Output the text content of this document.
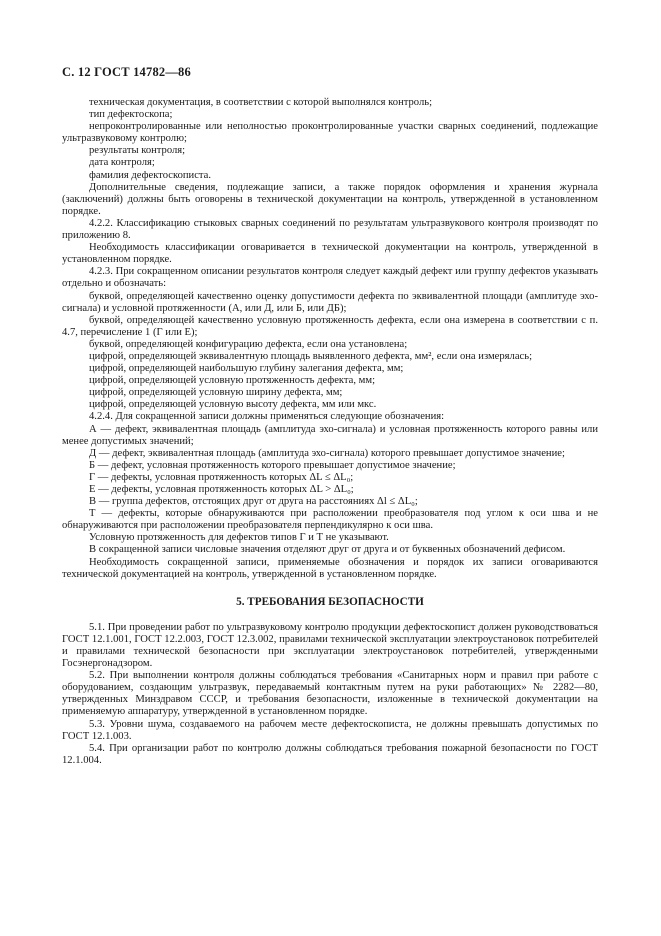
С. 12 ГОСТ 14782—86

техническая документация, в соответствии с которой выполнялся контроль;

тип дефектоскопа;

непроконтролированные или неполностью проконтролированные участки сварных соединений, подлежащие ультразвуковому контролю;

результаты контроля;

дата контроля;

фамилия дефектоскописта.

Дополнительные сведения, подлежащие записи, а также порядок оформления и хранения журнала (заключений) должны быть оговорены в технической документации на контроль, утвержденной в установленном порядке.

4.2.2. Классификацию стыковых сварных соединений по результатам ультразвукового контроля производят по приложению 8.

Необходимость классификации оговаривается в технической документации на контроль, утвержденной в установленном порядке.

4.2.3. При сокращенном описании результатов контроля следует каждый дефект или группу дефектов указывать отдельно и обозначать:

буквой, определяющей качественно оценку допустимости дефекта по эквивалентной площади (амплитуде эхо-сигнала) и условной протяженности (А, или Д, или Б, или ДБ);

буквой, определяющей качественно условную протяженность дефекта, если она измерена в соответствии с п. 4.7, перечисление 1 (Г или Е);

буквой, определяющей конфигурацию дефекта, если она установлена;

цифрой, определяющей эквивалентную площадь выявленного дефекта, мм², если она измерялась;

цифрой, определяющей наибольшую глубину залегания дефекта, мм;

цифрой, определяющей условную протяженность дефекта, мм;

цифрой, определяющей условную ширину дефекта, мм;

цифрой, определяющей условную высоту дефекта, мм или мкс.

4.2.4. Для сокращенной записи должны применяться следующие обозначения:

А — дефект, эквивалентная площадь (амплитуда эхо-сигнала) и условная протяженность которого равны или менее допустимых значений;

Д — дефект, эквивалентная площадь (амплитуда эхо-сигнала) которого превышает допустимое значение;

Б — дефект, условная протяженность которого превышает допустимое значение;

Г — дефекты, условная протяженность которых ΔL ≤ ΔL₀;

Е — дефекты, условная протяженность которых ΔL > ΔL₀;

В — группа дефектов, отстоящих друг от друга на расстояниях Δl ≤ ΔL₀;

Т — дефекты, которые обнаруживаются при расположении преобразователя под углом к оси шва и не обнаруживаются при расположении преобразователя перпендикулярно к оси шва.

Условную протяженность для дефектов типов Г и Т не указывают.

В сокращенной записи числовые значения отделяют друг от друга и от буквенных обозначений дефисом.

Необходимость сокращенной записи, применяемые обозначения и порядок их записи оговариваются технической документацией на контроль, утвержденной в установленном порядке.

5. ТРЕБОВАНИЯ БЕЗОПАСНОСТИ

5.1. При проведении работ по ультразвуковому контролю продукции дефектоскопист должен руководствоваться ГОСТ 12.1.001, ГОСТ 12.2.003, ГОСТ 12.3.002, правилами технической эксплуатации электроустановок потребителей и правилами технической безопасности при эксплуатации электроустановок потребителей, утвержденными Госэнергонадзором.

5.2. При выполнении контроля должны соблюдаться требования «Санитарных норм и правил при работе с оборудованием, создающим ультразвук, передаваемый контактным путем на руки работающих» № 2282—80, утвержденных Минздравом СССР, и требования безопасности, изложенные в технической документации на применяемую аппаратуру, утвержденной в установленном порядке.

5.3. Уровни шума, создаваемого на рабочем месте дефектоскописта, не должны превышать допустимых по ГОСТ 12.1.003.

5.4. При организации работ по контролю должны соблюдаться требования пожарной безопасности по ГОСТ 12.1.004.
